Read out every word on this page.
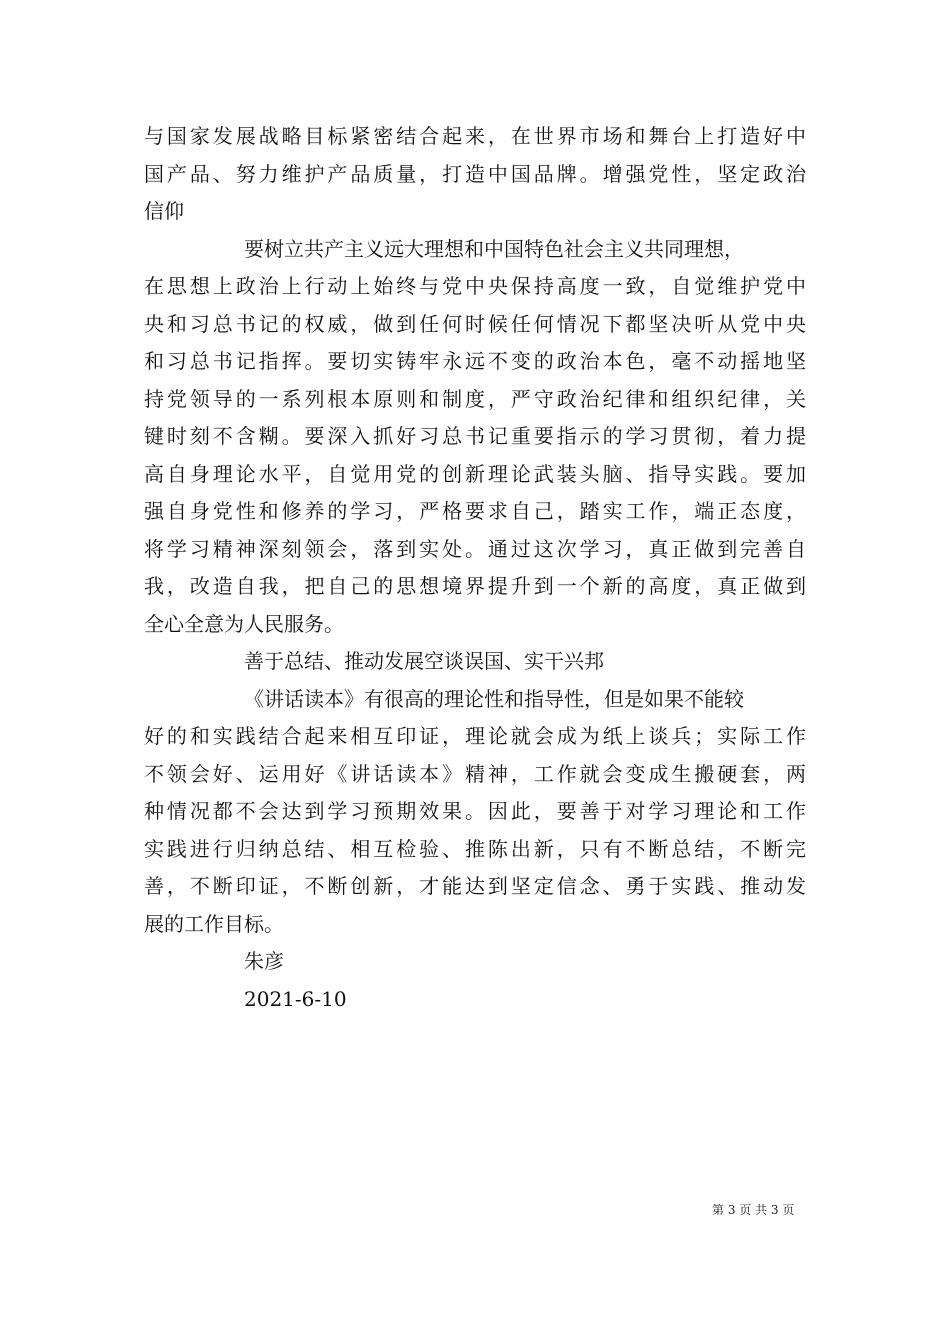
与国家发展战略目标紧密结合起来，在世界市场和舞台上打造好中
国产品、努力维护产品质量，打造中国品牌。增强党性，坚定政治
信仰
要树立共产主义远大理想和中国特色社会主义共同理想，
在思想上政治上行动上始终与党中央保持高度一致，自觉维护党中
央和习总书记的权威，做到任何时候任何情况下都坚决听从党中央
和习总书记指挥。要切实铸牢永远不变的政治本色，毫不动摇地坚
持党领导的一系列根本原则和制度，严守政治纪律和组织纪律，关
键时刻不含糊。要深入抓好习总书记重要指示的学习贯彻，着力提
高自身理论水平，自觉用党的创新理论武装头脑、指导实践。要加
强自身党性和修养的学习，严格要求自己，踏实工作，端正态度，
将学习精神深刻领会，落到实处。通过这次学习，真正做到完善自
我，改造自我，把自己的思想境界提升到一个新的高度，真正做到
全心全意为人民服务。
善于总结、推动发展空谈误国、实干兴邦
《讲话读本》有很高的理论性和指导性，但是如果不能较
好的和实践结合起来相互印证，理论就会成为纸上谈兵；实际工作
不领会好、运用好《讲话读本》精神，工作就会变成生搬硬套，两
种情况都不会达到学习预期效果。因此，要善于对学习理论和工作
实践进行归纳总结、相互检验、推陈出新，只有不断总结，不断完
善，不断印证，不断创新，才能达到坚定信念、勇于实践、推动发
展的工作目标。
朱彦
2021-6-10
第 3 页 共 3 页
